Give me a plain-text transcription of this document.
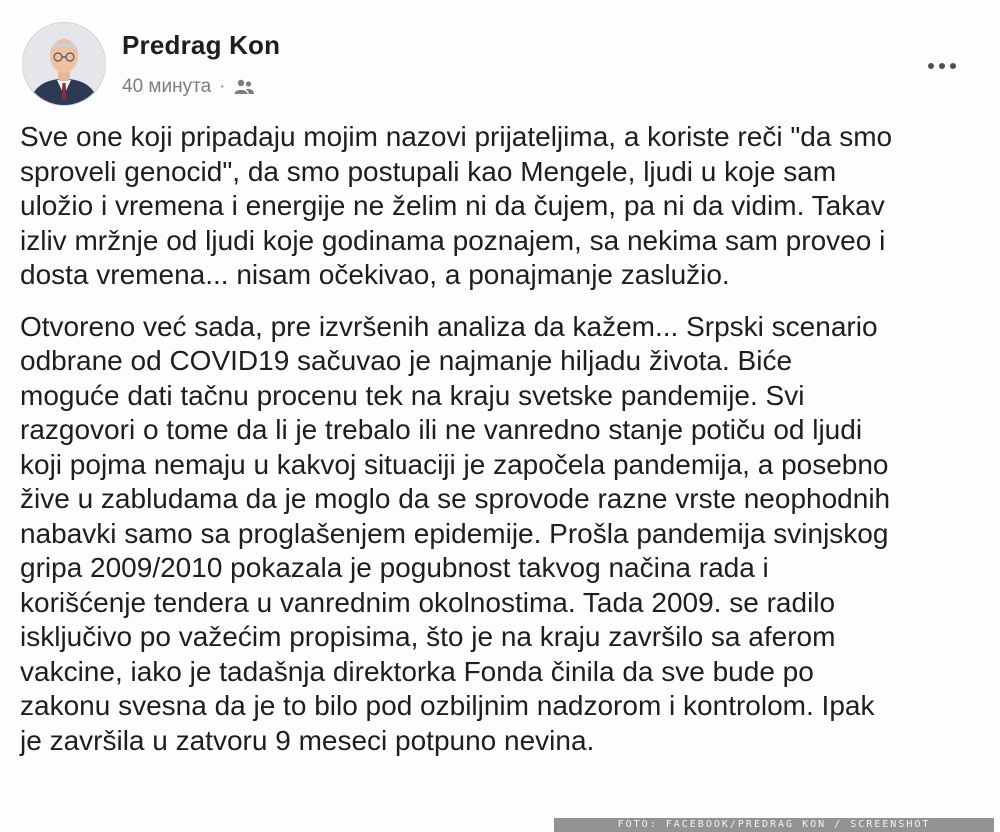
Predrag Kon
40 минута ·
Sve one koji pripadaju mojim nazovi prijateljima, a koriste reči "da smo
sproveli genocid", da smo postupali kao Mengele, ljudi u koje sam
uložio i vremena i energije ne želim ni da čujem, pa ni da vidim. Takav
izliv mržnje od ljudi koje godinama poznajem, sa nekima sam proveo i
dosta vremena... nisam očekivao, a ponajmanje zaslužio.
Otvoreno već sada, pre izvršenih analiza da kažem... Srpski scenario
odbrane od COVID19 sačuvao je najmanje hiljadu života. Biće
moguće dati tačnu procenu tek na kraju svetske pandemije. Svi
razgovori o tome da li je trebalo ili ne vanredno stanje potiču od ljudi
koji pojma nemaju u kakvoj situaciji je započela pandemija, a posebno
žive u zabludama da je moglo da se sprovode razne vrste neophodnih
nabavki samo sa proglašenjem epidemije. Prošla pandemija svinjskog
gripa 2009/2010 pokazala je pogubnost takvog načina rada i
korišćenje tendera u vanrednim okolnostima. Tada 2009. se radilo
isključivo po važećim propisima, što je na kraju završilo sa aferom
vakcine, iako je tadašnja direktorka Fonda činila da sve bude po
zakonu svesna da je to bilo pod ozbiljnim nadzorom i kontrolom. Ipak
je završila u zatvoru 9 meseci potpuno nevina.
FOTO: FACEBOOK/PREDRAG KON / SCREENSHOT
